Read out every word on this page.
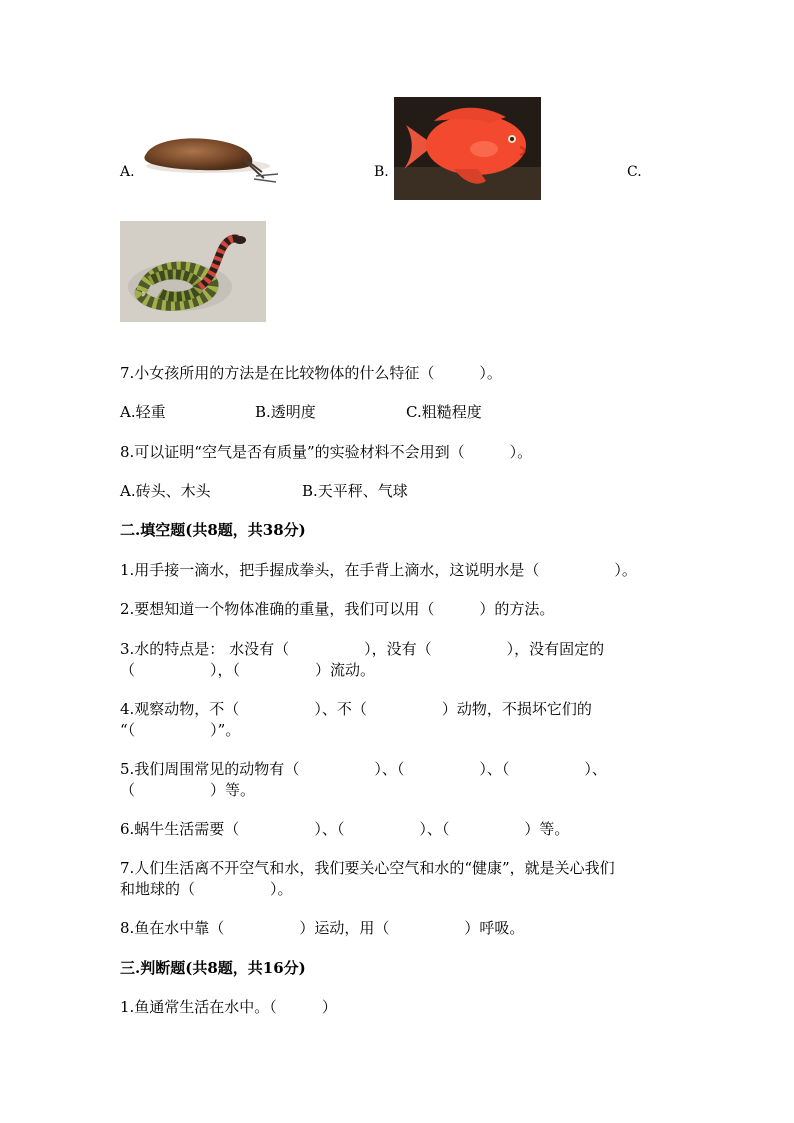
A.	B.	C.
7.小女孩所用的方法是在比较物体的什么特征（　　　）。
A.轻重	B.透明度	C.粗糙程度
8.可以证明“空气是否有质量”的实验材料不会用到（　　　）。
A.砖头、木头	B.天平秤、气球
二.填空题(共8题，共38分)
1.用手接一滴水，把手握成拳头，在手背上滴水，这说明水是（　　　　　）。
2.要想知道一个物体准确的重量，我们可以用（　　　）的方法。
3.水的特点是： 水没有（　　　　　），没有（　　　　　），没有固定的
（　　　　　），（　　　　　）流动。
4.观察动物，不（　　　　　）、不（　　　　　）动物，不损坏它们的
“（　　　　　）”。
5.我们周围常见的动物有（　　　　　）、（　　　　　）、（　　　　　）、
（　　　　　）等。
6.蜗牛生活需要（　　　　　）、（　　　　　）、（　　　　　）等。
7.人们生活离不开空气和水，我们要关心空气和水的“健康”，就是关心我们
和地球的（　　　　　）。
8.鱼在水中靠（　　　　　）运动，用（　　　　　）呼吸。
三.判断题(共8题，共16分)
1.鱼通常生活在水中。（　　　）
